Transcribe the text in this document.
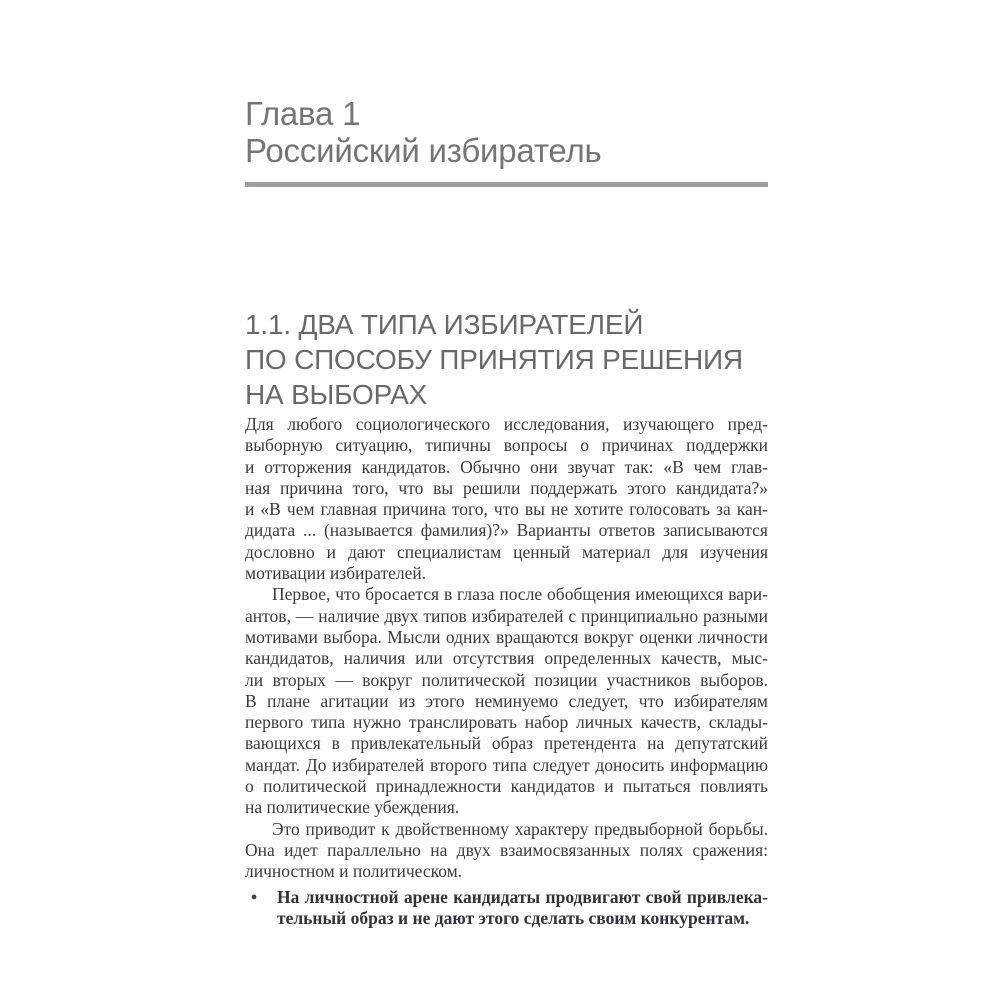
Глава 1
Российский избиратель
1.1. ДВА ТИПА ИЗБИРАТЕЛЕЙ
ПО СПОСОБУ ПРИНЯТИЯ РЕШЕНИЯ
НА ВЫБОРАХ
Для любого социологического исследования, изучающего пред-
выборную ситуацию, типичны вопросы о причинах поддержки
и отторжения кандидатов. Обычно они звучат так: «В чем глав-
ная причина того, что вы решили поддержать этого кандидата?»
и «В чем главная причина того, что вы не хотите голосовать за кан-
дидата ... (называется фамилия)?» Варианты ответов записываются
дословно и дают специалистам ценный материал для изучения
мотивации избирателей.
Первое, что бросается в глаза после обобщения имеющихся вари-
антов, — наличие двух типов избирателей с принципиально разными
мотивами выбора. Мысли одних вращаются вокруг оценки личности
кандидатов, наличия или отсутствия определенных качеств, мыс-
ли вторых — вокруг политической позиции участников выборов.
В плане агитации из этого неминуемо следует, что избирателям
первого типа нужно транслировать набор личных качеств, склады-
вающихся в привлекательный образ претендента на депутатский
мандат. До избирателей второго типа следует доносить информацию
о политической принадлежности кандидатов и пытаться повлиять
на политические убеждения.
Это приводит к двойственному характеру предвыборной борьбы.
Она идет параллельно на двух взаимосвязанных полях сражения:
личностном и политическом.
• На личностной арене кандидаты продвигают свой привлека-
тельный образ и не дают этого сделать своим конкурентам.
